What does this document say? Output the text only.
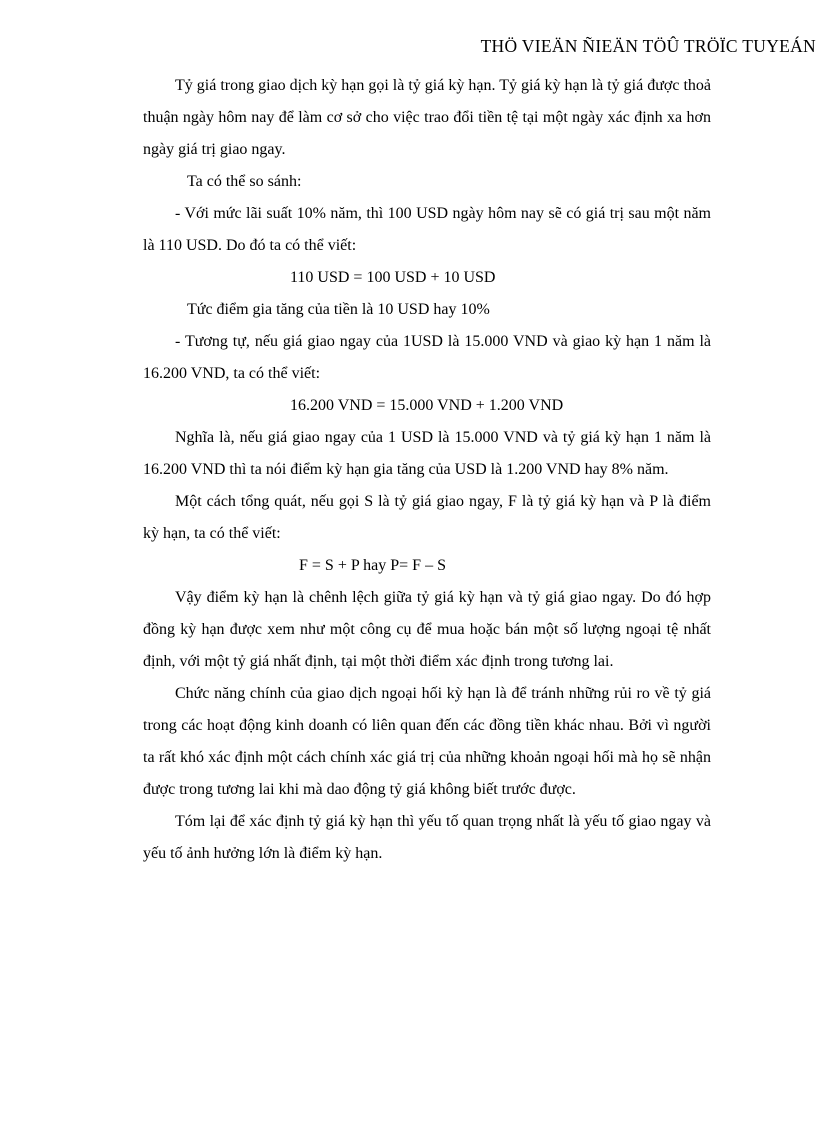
THÖ VIEÄN ÑIEÄN TÖÛ TRÖÏC TUYEÁN

Tỷ giá trong giao dịch kỳ hạn gọi là tỷ giá kỳ hạn. Tỷ giá kỳ hạn là tỷ giá được thoả thuận ngày hôm nay để làm cơ sở cho việc trao đổi tiền tệ tại một ngày xác định xa hơn ngày giá trị giao ngay.

Ta có thể so sánh:

- Với mức lãi suất 10% năm, thì 100 USD ngày hôm nay sẽ có giá trị sau một năm là 110 USD. Do đó ta có thể viết:

110 USD = 100 USD + 10 USD

Tức điểm gia tăng của tiền là 10 USD hay 10%

- Tương tự, nếu giá giao ngay của 1USD là 15.000 VND và giao kỳ hạn 1 năm là 16.200 VND, ta có thể viết:

16.200 VND = 15.000 VND + 1.200 VND

Nghĩa là, nếu giá giao ngay của 1 USD là 15.000 VND và tỷ giá kỳ hạn 1 năm là 16.200 VND thì ta nói điểm kỳ hạn gia tăng của USD là 1.200 VND hay 8% năm.

Một cách tổng quát, nếu gọi S là tỷ giá giao ngay, F là tỷ giá kỳ hạn và P là điểm kỳ hạn, ta có thể viết:

F = S + P hay P= F – S

Vậy điểm kỳ hạn là chênh lệch giữa tỷ giá kỳ hạn và tỷ giá giao ngay. Do đó hợp đồng kỳ hạn được xem như một công cụ để mua hoặc bán một số lượng ngoại tệ nhất định, với một tỷ giá nhất định, tại một thời điểm xác định trong tương lai.

Chức năng chính của giao dịch ngoại hối kỳ hạn là để tránh những rủi ro về tỷ giá trong các hoạt động kinh doanh có liên quan đến các đồng tiền khác nhau. Bởi vì người ta rất khó xác định một cách chính xác giá trị của những khoản ngoại hối mà họ sẽ nhận được trong tương lai khi mà dao động tỷ giá không biết trước được.

Tóm lại để xác định tỷ giá kỳ hạn thì yếu tố quan trọng nhất là yếu tố giao ngay và yếu tố ảnh hưởng lớn là điểm kỳ hạn.
